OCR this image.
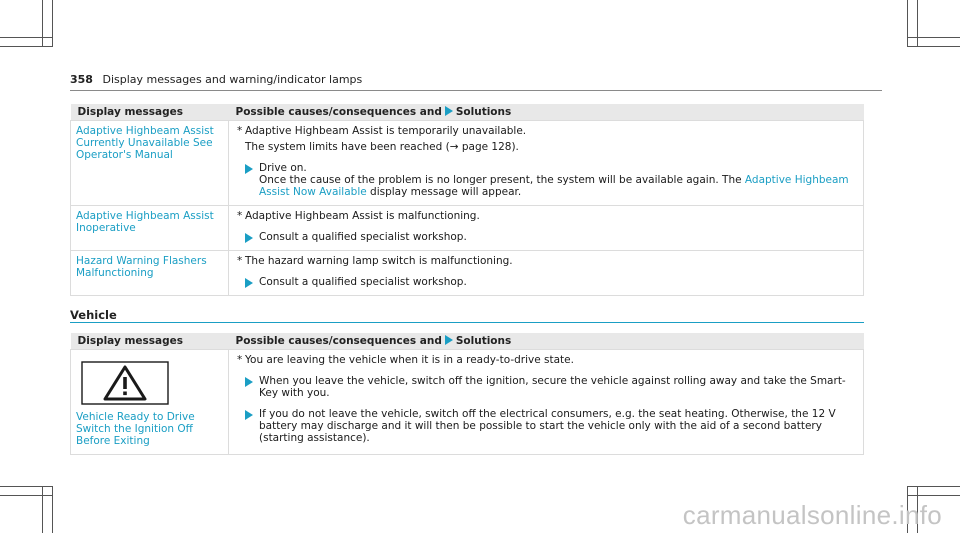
358 Display messages and warning/indicator lamps
Display messages	Possible causes/consequences and Solutions
Adaptive Highbeam Assist Currently Unavailable See Operator's Manual	* Adaptive Highbeam Assist is temporarily unavailable.
The system limits have been reached (→ page 128).
Drive on.
Once the cause of the problem is no longer present, the system will be available again. The Adaptive Highbeam Assist Now Available display message will appear.

Adaptive Highbeam Assist Inoperative	* Adaptive Highbeam Assist is malfunctioning.
Consult a qualified specialist workshop.

Hazard Warning Flashers Malfunctioning	* The hazard warning lamp switch is malfunctioning.
Consult a qualified specialist workshop.
Vehicle
Display messages	Possible causes/consequences and Solutions

Vehicle Ready to Drive Switch the Ignition Off Before Exiting	* You are leaving the vehicle when it is in a ready-to-drive state.
When you leave the vehicle, switch off the ignition, secure the vehicle against rolling away and take the Smart-Key with you.
If you do not leave the vehicle, switch off the electrical consumers, e.g. the seat heating. Otherwise, the 12 V battery may discharge and it will then be possible to start the vehicle only with the aid of a second battery (starting assistance).
carmanualsonline.info
